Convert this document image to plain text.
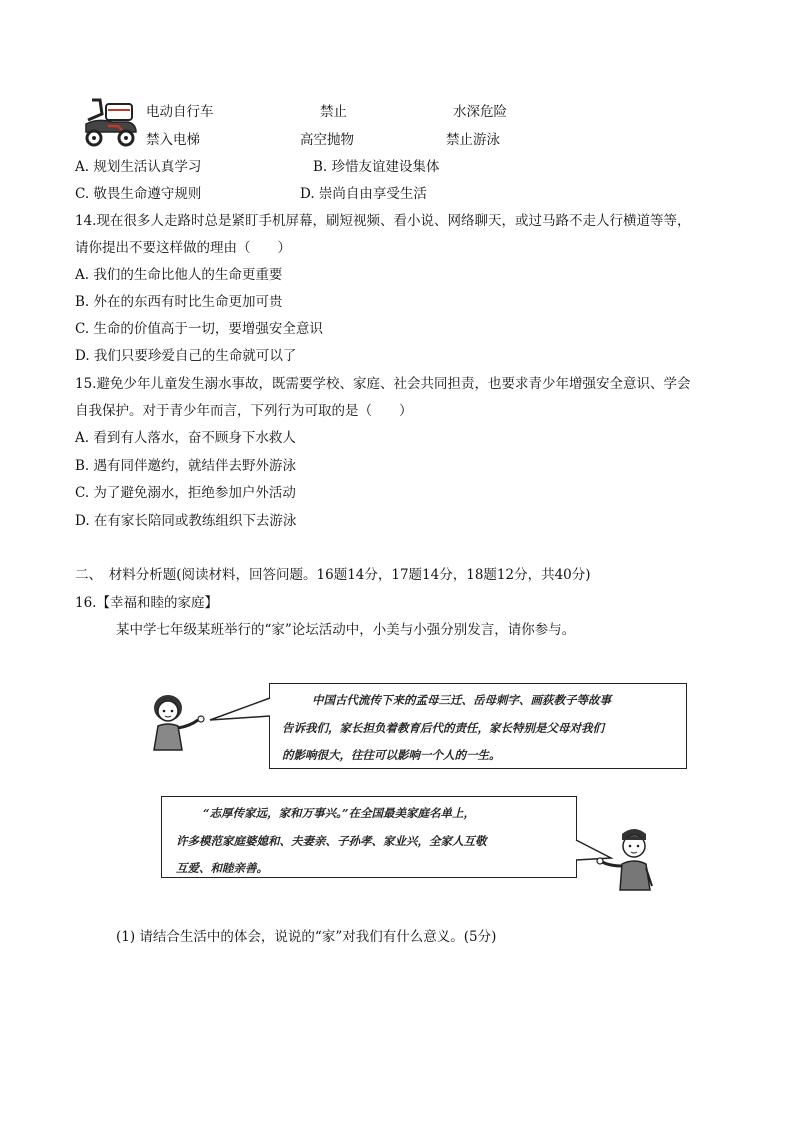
电动自行车	禁止	水深危险
禁入电梯	高空抛物	禁止游泳
A. 规划生活认真学习	B. 珍惜友谊建设集体
C. 敬畏生命遵守规则	D. 崇尚自由享受生活
14.现在很多人走路时总是紧盯手机屏幕，刷短视频、看小说、网络聊天，或过马路不走人行横道等等，
请你提出不要这样做的理由（　　）
A. 我们的生命比他人的生命更重要
B. 外在的东西有时比生命更加可贵
C. 生命的价值高于一切，要增强安全意识
D. 我们只要珍爱自己的生命就可以了
15.避免少年儿童发生溺水事故，既需要学校、家庭、社会共同担责，也要求青少年增强安全意识、学会
自我保护。对于青少年而言，下列行为可取的是（　　）
A. 看到有人落水，奋不顾身下水救人
B. 遇有同伴邀约，就结伴去野外游泳
C. 为了避免溺水，拒绝参加户外活动
D. 在有家长陪同或教练组织下去游泳
二、　材料分析题(阅读材料，回答问题。16题14分，17题14分，18题12分，共40分)
16.【幸福和睦的家庭】
某中学七年级某班举行的“家”论坛活动中，小美与小强分别发言，请你参与。
中国古代流传下来的孟母三迁、岳母刺字、画荻教子等故事
告诉我们，家长担负着教育后代的责任，家长特别是父母对我们
的影响很大，往往可以影响一个人的一生。
“志厚传家远，家和万事兴。”在全国最美家庭名单上，
许多模范家庭婆媳和、夫妻亲、子孙孝、家业兴，全家人互敬
互爱、和睦亲善。
(1) 请结合生活中的体会，说说的“家”对我们有什么意义。(5分)
